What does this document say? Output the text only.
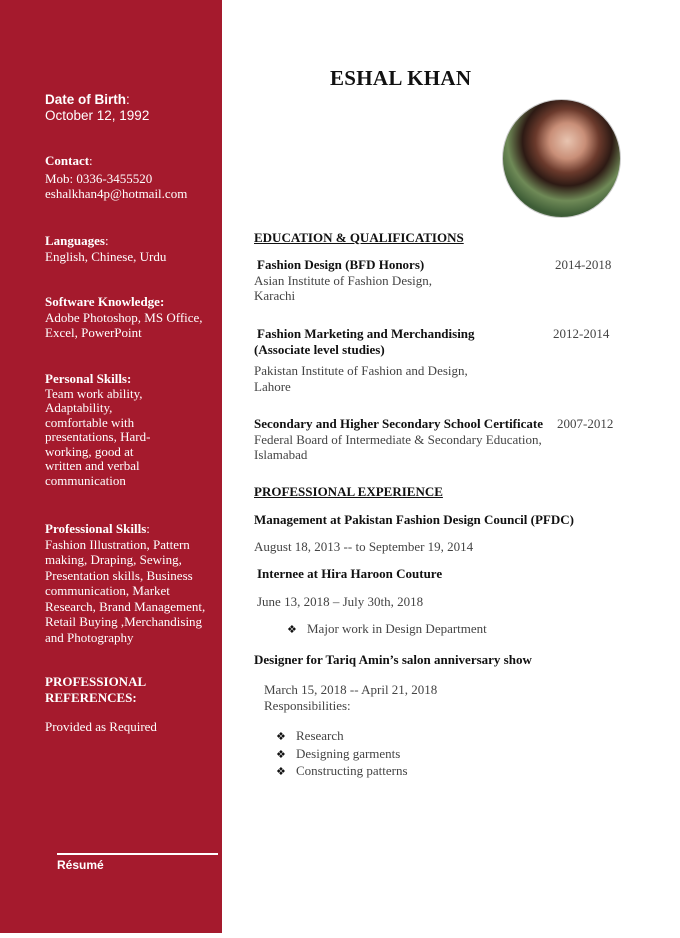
Date of Birth:
October 12, 1992
Contact:
Mob: 0336-3455520
eshalkhan4p@hotmail.com
Languages:
English, Chinese, Urdu
Software Knowledge:
Adobe Photoshop, MS Office,
Excel, PowerPoint
Personal Skills:
Team work ability,
Adaptability,
comfortable with
presentations, Hard-
working, good at
written and verbal
communication
Professional Skills:
Fashion Illustration, Pattern
making, Draping, Sewing,
Presentation skills, Business
communication, Market
Research, Brand Management,
Retail Buying ,Merchandising
and Photography
PROFESSIONAL
REFERENCES:
Provided as Required
Résumé
ESHAL KHAN
EDUCATION & QUALIFICATIONS
Fashion Design (BFD Honors)
Asian Institute of Fashion Design,
Karachi
2014-2018
Fashion Marketing and Merchandising
(Associate level studies)
Pakistan Institute of Fashion and Design,
Lahore
2012-2014
Secondary and Higher Secondary School Certificate
Federal Board of Intermediate & Secondary Education,
Islamabad
2007-2012
PROFESSIONAL EXPERIENCE
Management at Pakistan Fashion Design Council (PFDC)
August 18, 2013 -- to September 19, 2014
Internee at Hira Haroon Couture
June 13, 2018 – July 30th, 2018
❖ Major work in Design Department
Designer for Tariq Amin’s salon anniversary show
March 15, 2018 -- April 21, 2018
Responsibilities:
❖ Research
❖ Designing garments
❖ Constructing patterns
